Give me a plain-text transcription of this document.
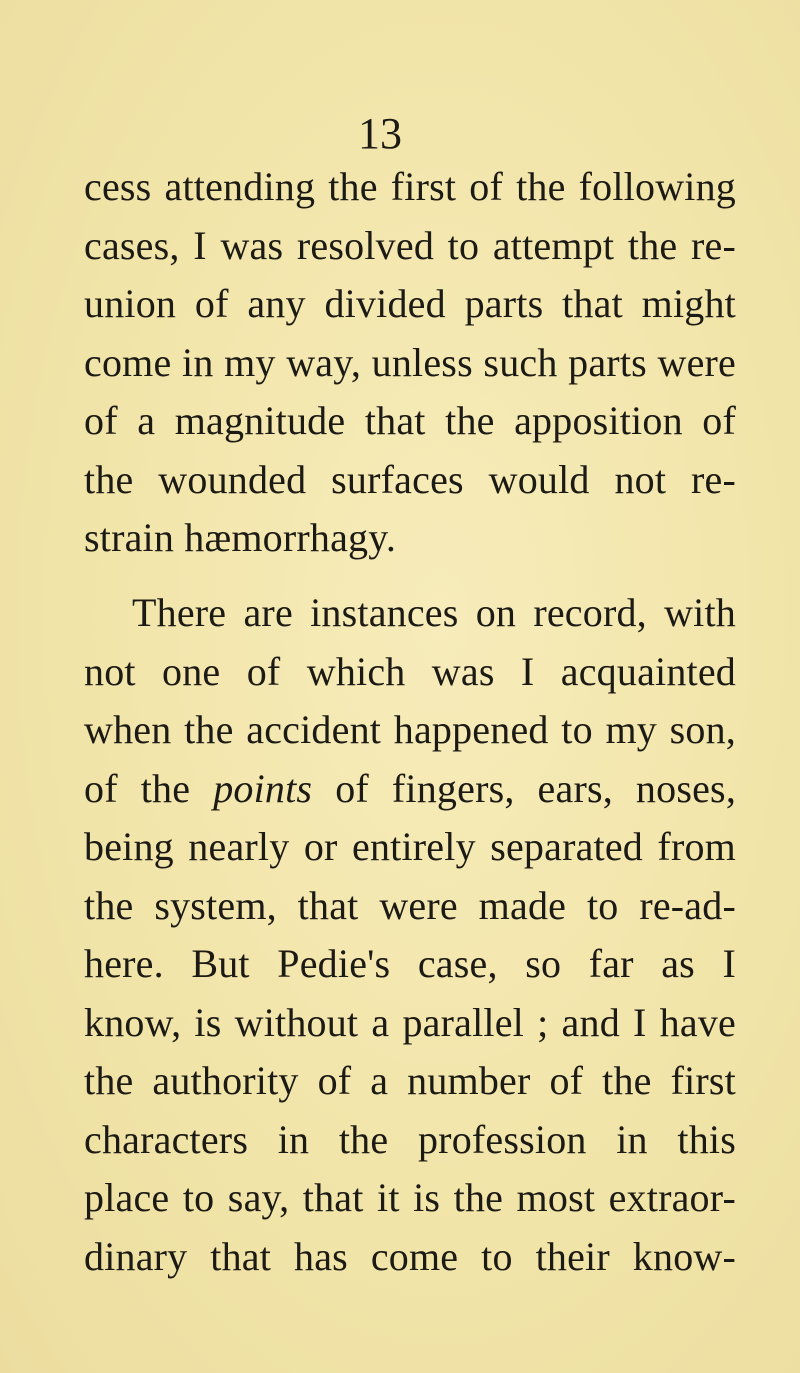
13
cess attending the first of the following
cases, I was resolved to attempt the re-
union of any divided parts that might
come in my way, unless such parts were
of a magnitude that the apposition of
the wounded surfaces would not re-
strain hæmorrhagy.
There are instances on record, with
not one of which was I acquainted
when the accident happened to my son,
of the points of fingers, ears, noses,
being nearly or entirely separated from
the system, that were made to re-ad-
here. But Pedie's case, so far as I
know, is without a parallel ; and I have
the authority of a number of the first
characters in the profession in this
place to say, that it is the most extraor-
dinary that has come to their know-
